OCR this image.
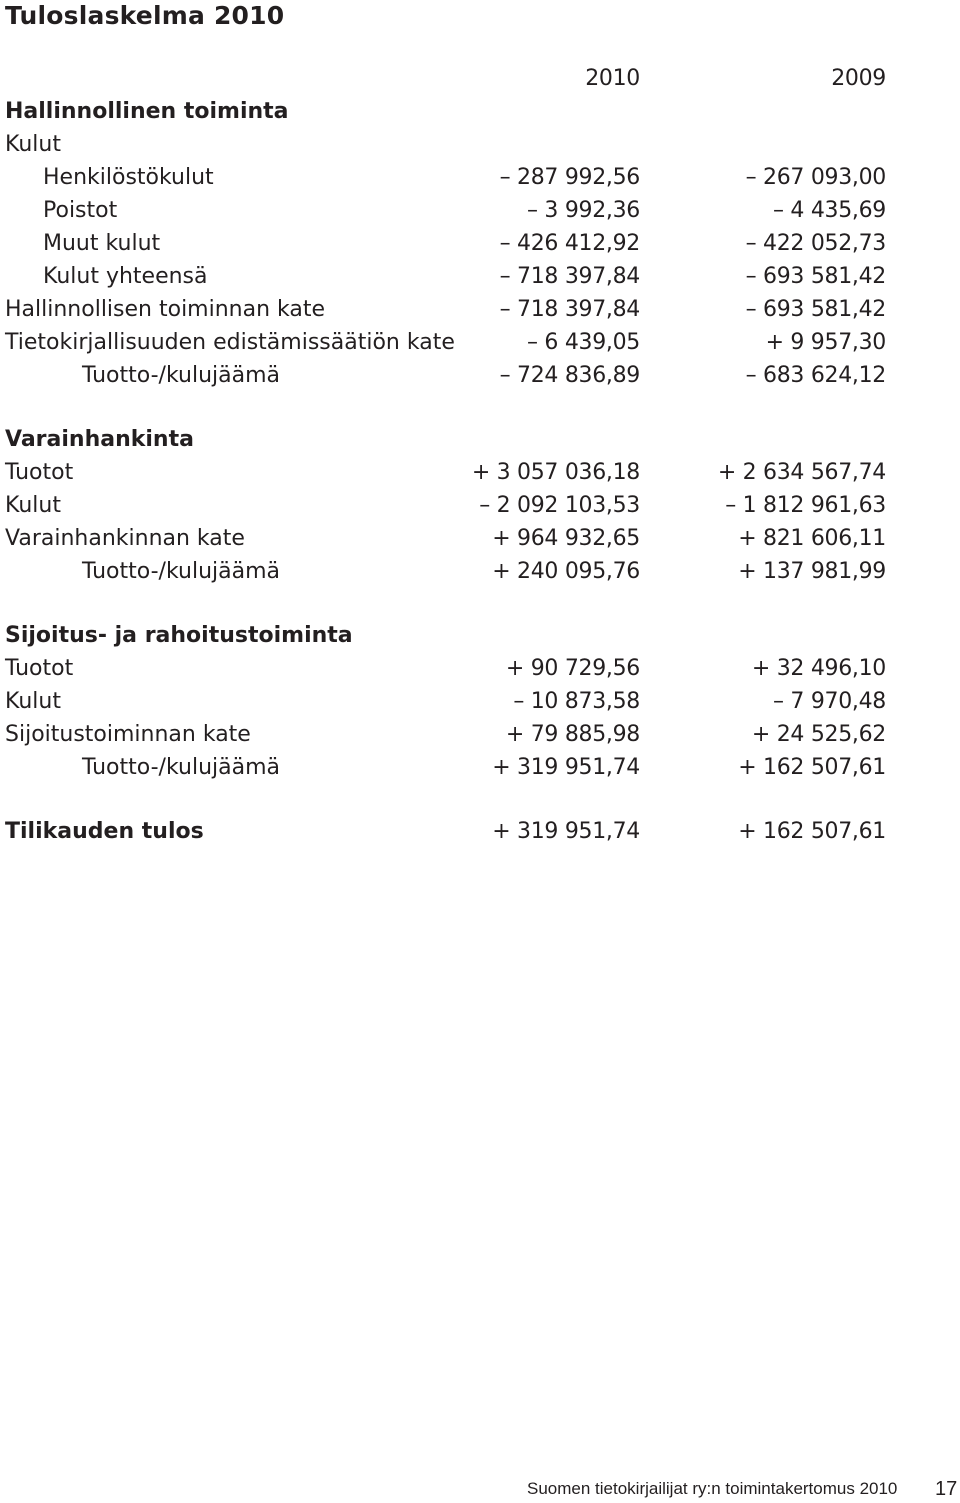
Tuloslaskelma 2010
2010	2009
Hallinnollinen toiminta
Kulut
Henkilöstökulut	– 287 992,56	– 267 093,00
Poistot	– 3 992,36	– 4 435,69
Muut kulut	– 426 412,92	– 422 052,73
Kulut yhteensä	– 718 397,84	– 693 581,42
Hallinnollisen toiminnan kate	– 718 397,84	– 693 581,42
Tietokirjallisuuden edistämissäätiön kate	– 6 439,05	+ 9 957,30
Tuotto-/kulujäämä	– 724 836,89	– 683 624,12
Varainhankinta
Tuotot	+ 3 057 036,18	+ 2 634 567,74
Kulut	– 2 092 103,53	– 1 812 961,63
Varainhankinnan kate	+ 964 932,65	+ 821 606,11
Tuotto-/kulujäämä	+ 240 095,76	+ 137 981,99
Sijoitus- ja rahoitustoiminta
Tuotot	+ 90 729,56	+ 32 496,10
Kulut	– 10 873,58	– 7 970,48
Sijoitustoiminnan kate	+ 79 885,98	+ 24 525,62
Tuotto-/kulujäämä	+ 319 951,74	+ 162 507,61
Tilikauden tulos	+ 319 951,74	+ 162 507,61
Suomen tietokirjailijat ry:n toimintakertomus 2010 17
